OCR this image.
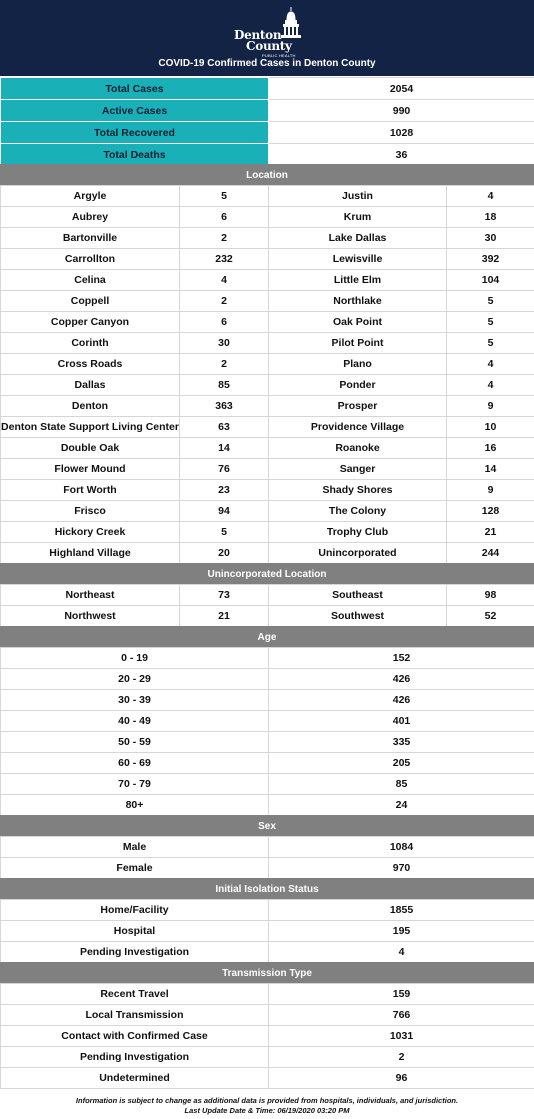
Denton
County
PUBLIC HEALTH
COVID-19 Confirmed Cases in Denton County
Total Cases	2054
Active Cases	990
Total Recovered	1028
Total Deaths	36
Location
Argyle	5	Justin	4
Aubrey	6	Krum	18
Bartonville	2	Lake Dallas	30
Carrollton	232	Lewisville	392
Celina	4	Little Elm	104
Coppell	2	Northlake	5
Copper Canyon	6	Oak Point	5
Corinth	30	Pilot Point	5
Cross Roads	2	Plano	4
Dallas	85	Ponder	4
Denton	363	Prosper	9
Denton State Support Living Center	63	Providence Village	10
Double Oak	14	Roanoke	16
Flower Mound	76	Sanger	14
Fort Worth	23	Shady Shores	9
Frisco	94	The Colony	128
Hickory Creek	5	Trophy Club	21
Highland Village	20	Unincorporated	244
Unincorporated Location
Northeast	73	Southeast	98
Northwest	21	Southwest	52
Age
0 - 19	152
20 - 29	426
30 - 39	426
40 - 49	401
50 - 59	335
60 - 69	205
70 - 79	85
80+	24
Sex
Male	1084
Female	970
Initial Isolation Status
Home/Facility	1855
Hospital	195
Pending Investigation	4
Transmission Type
Recent Travel	159
Local Transmission	766
Contact with Confirmed Case	1031
Pending Investigation	2
Undetermined	96
Information is subject to change as additional data is provided from hospitals, individuals, and jurisdiction.
Last Update Date & Time: 06/19/2020 03:20 PM
